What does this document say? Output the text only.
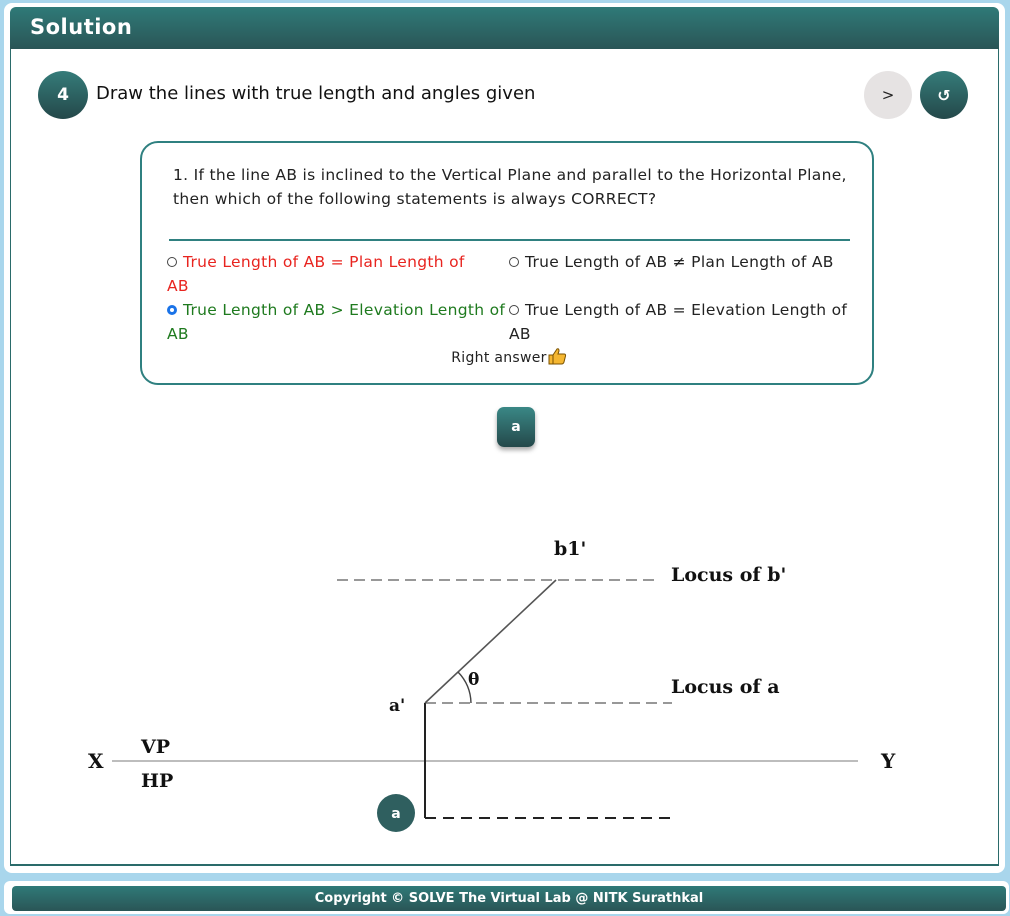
Solution
4	Draw the lines with true length and angles given	>	↺
1. If the line AB is inclined to the Vertical Plane and parallel to the Horizontal Plane, then which of the following statements is always CORRECT?
True Length of AB = Plan Length of AB
True Length of AB ≠ Plan Length of AB
True Length of AB > Elevation Length of AB
True Length of AB = Elevation Length of AB
Right answer
a
b1'
Locus of b'
θ	Locus of a
a'
X	Y
VP
HP
a
Copyright © SOLVE The Virtual Lab @ NITK Surathkal
